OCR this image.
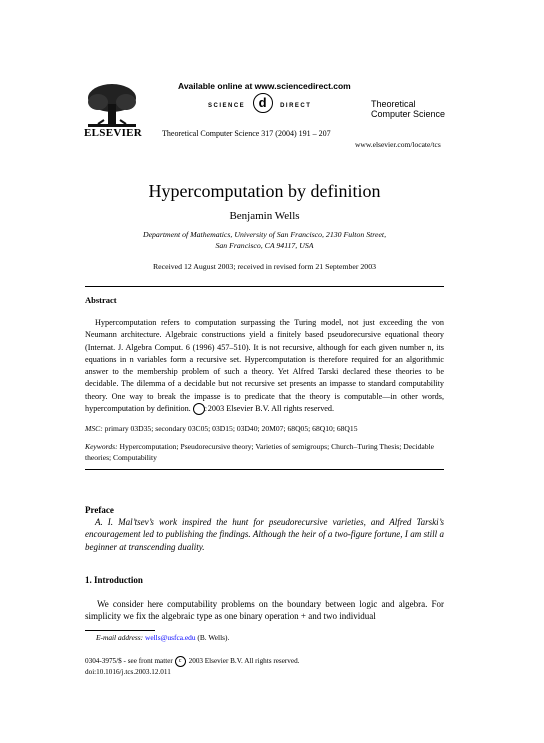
ELSEVIER
Available online at www.sciencedirect.com
SCIENCE d DIRECT
Theoretical Computer Science 317 (2004) 191 – 207
Theoretical
Computer Science
www.elsevier.com/locate/tcs
Hypercomputation by definition
Benjamin Wells
Department of Mathematics, University of San Francisco, 2130 Fulton Street,
San Francisco, CA 94117, USA
Received 12 August 2003; received in revised form 21 September 2003
Abstract
Hypercomputation refers to computation surpassing the Turing model, not just exceeding the von Neumann architecture. Algebraic constructions yield a finitely based pseudorecursive equational theory (Internat. J. Algebra Comput. 6 (1996) 457–510). It is not recursive, although for each given number n, its equations in n variables form a recursive set. Hypercomputation is therefore required for an algorithmic answer to the membership problem of such a theory. Yet Alfred Tarski declared these theories to be decidable. The dilemma of a decidable but not recursive set presents an impasse to standard computability theory. One way to break the impasse is to predicate that the theory is computable—in other words, hypercomputation by definition. c2003 Elsevier B.V. All rights reserved.
MSC: primary 03D35; secondary 03C05; 03D15; 03D40; 20M07; 68Q05; 68Q10; 68Q15
Keywords: Hypercomputation; Pseudorecursive theory; Varieties of semigroups; Church–Turing Thesis; Decidable theories; Computability
Preface
A. I. Mal’tsev’s work inspired the hunt for pseudorecursive varieties, and Alfred Tarski’s encouragement led to publishing the findings. Although the heir of a two-figure fortune, I am still a beginner at transcending duality.
1. Introduction
We consider here computability problems on the boundary between logic and algebra. For simplicity we fix the algebraic type as one binary operation + and two individual
E-mail address: wells@usfca.edu (B. Wells).
0304-3975/$ - see front matter c 2003 Elsevier B.V. All rights reserved.
doi:10.1016/j.tcs.2003.12.011
